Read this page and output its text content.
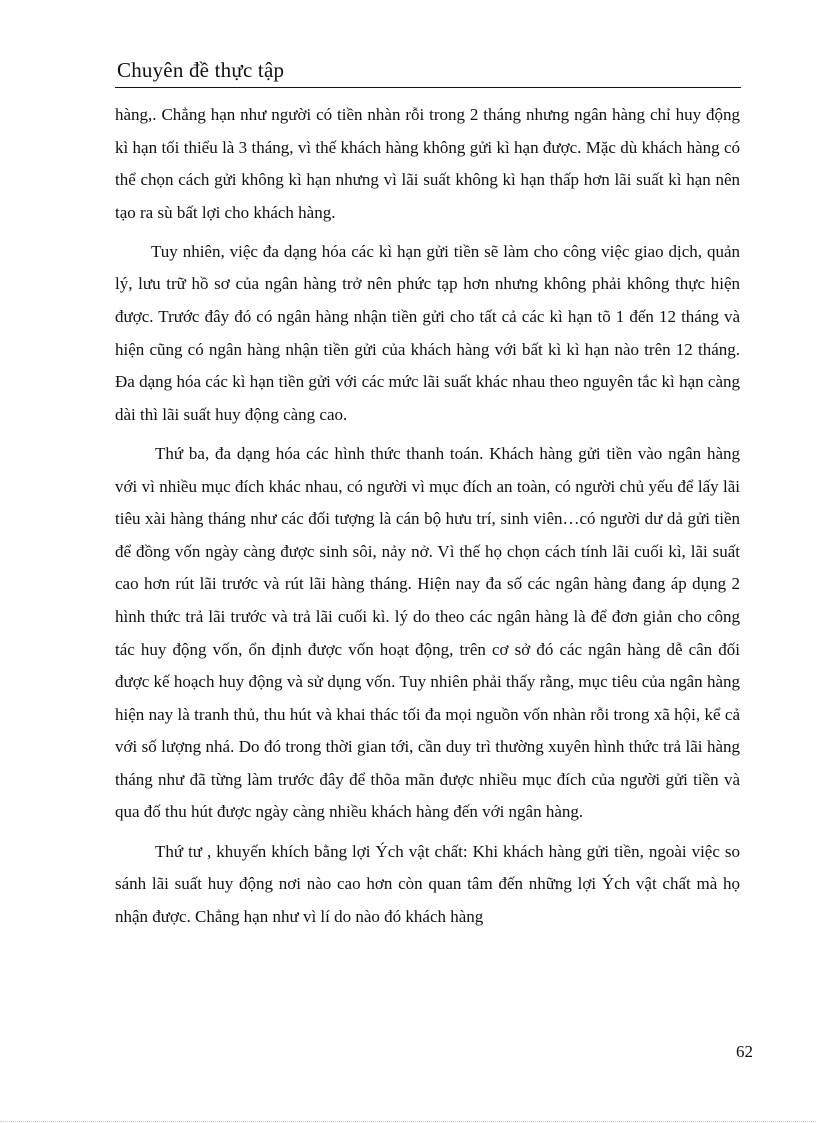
Chuyên đề thực tập

hàng,. Chẳng hạn như người có tiền nhàn rỗi trong 2 tháng nhưng ngân hàng chỉ huy động kì hạn tối thiểu là 3 tháng, vì thế khách hàng không gửi kì hạn được. Mặc dù khách hàng có thể chọn cách gửi không kì hạn nhưng vì lãi suất không kì hạn thấp hơn lãi suất kì hạn nên tạo ra sù bất lợi cho khách hàng.

Tuy nhiên, việc đa dạng hóa các kì hạn gửi tiền sẽ làm cho công việc giao dịch, quản lý, lưu trữ hồ sơ của ngân hàng trở nên phức tạp hơn nhưng không phải không thực hiện được. Trước đây đó có ngân hàng nhận tiền gửi cho tất cả các kì hạn tõ 1 đến 12 tháng và hiện cũng có ngân hàng nhận tiền gửi của khách hàng với bất kì kì hạn nào trên 12 tháng. Đa dạng hóa các kì hạn tiền gửi với các mức lãi suất khác nhau theo nguyên tắc kì hạn càng dài thì lãi suất huy động càng cao.

Thứ ba, đa dạng hóa các hình thức thanh toán. Khách hàng gửi tiền vào ngân hàng với vì nhiều mục đích khác nhau, có người vì mục đích an toàn, có người chủ yếu để lấy lãi tiêu xài hàng tháng như các đối tượng là cán bộ hưu trí, sinh viên…có người dư dả gửi tiền để đồng vốn ngày càng được sinh sôi, nảy nở. Vì thế họ chọn cách tính lãi cuối kì, lãi suất cao hơn rút lãi trước và rút lãi hàng tháng. Hiện nay đa số các ngân hàng đang áp dụng 2 hình thức trả lãi trước và trả lãi cuối kì. lý do theo các ngân hàng là để đơn giản cho công tác huy động vốn, ổn định được vốn hoạt động, trên cơ sở đó các ngân hàng dễ cân đối được kế hoạch huy động và sử dụng vốn. Tuy nhiên phải thấy rằng, mục tiêu của ngân hàng hiện nay là tranh thủ, thu hút và khai thác tối đa mọi nguồn vốn nhàn rỗi trong xã hội, kể cả với số lượng nhá. Do đó trong thời gian tới, cần duy trì thường xuyên hình thức trả lãi hàng tháng như đã từng làm trước đây để thõa mãn được nhiều mục đích của người gửi tiền và qua đố thu hút được ngày càng nhiều khách hàng đến với ngân hàng.

Thứ tư , khuyến khích bằng lợi Ých vật chất: Khi khách hàng gửi tiền, ngoài việc so sánh lãi suất huy động nơi nào cao hơn còn quan tâm đến những lợi Ých vật chất mà họ nhận được. Chẳng hạn như vì lí do nào đó khách hàng

62
